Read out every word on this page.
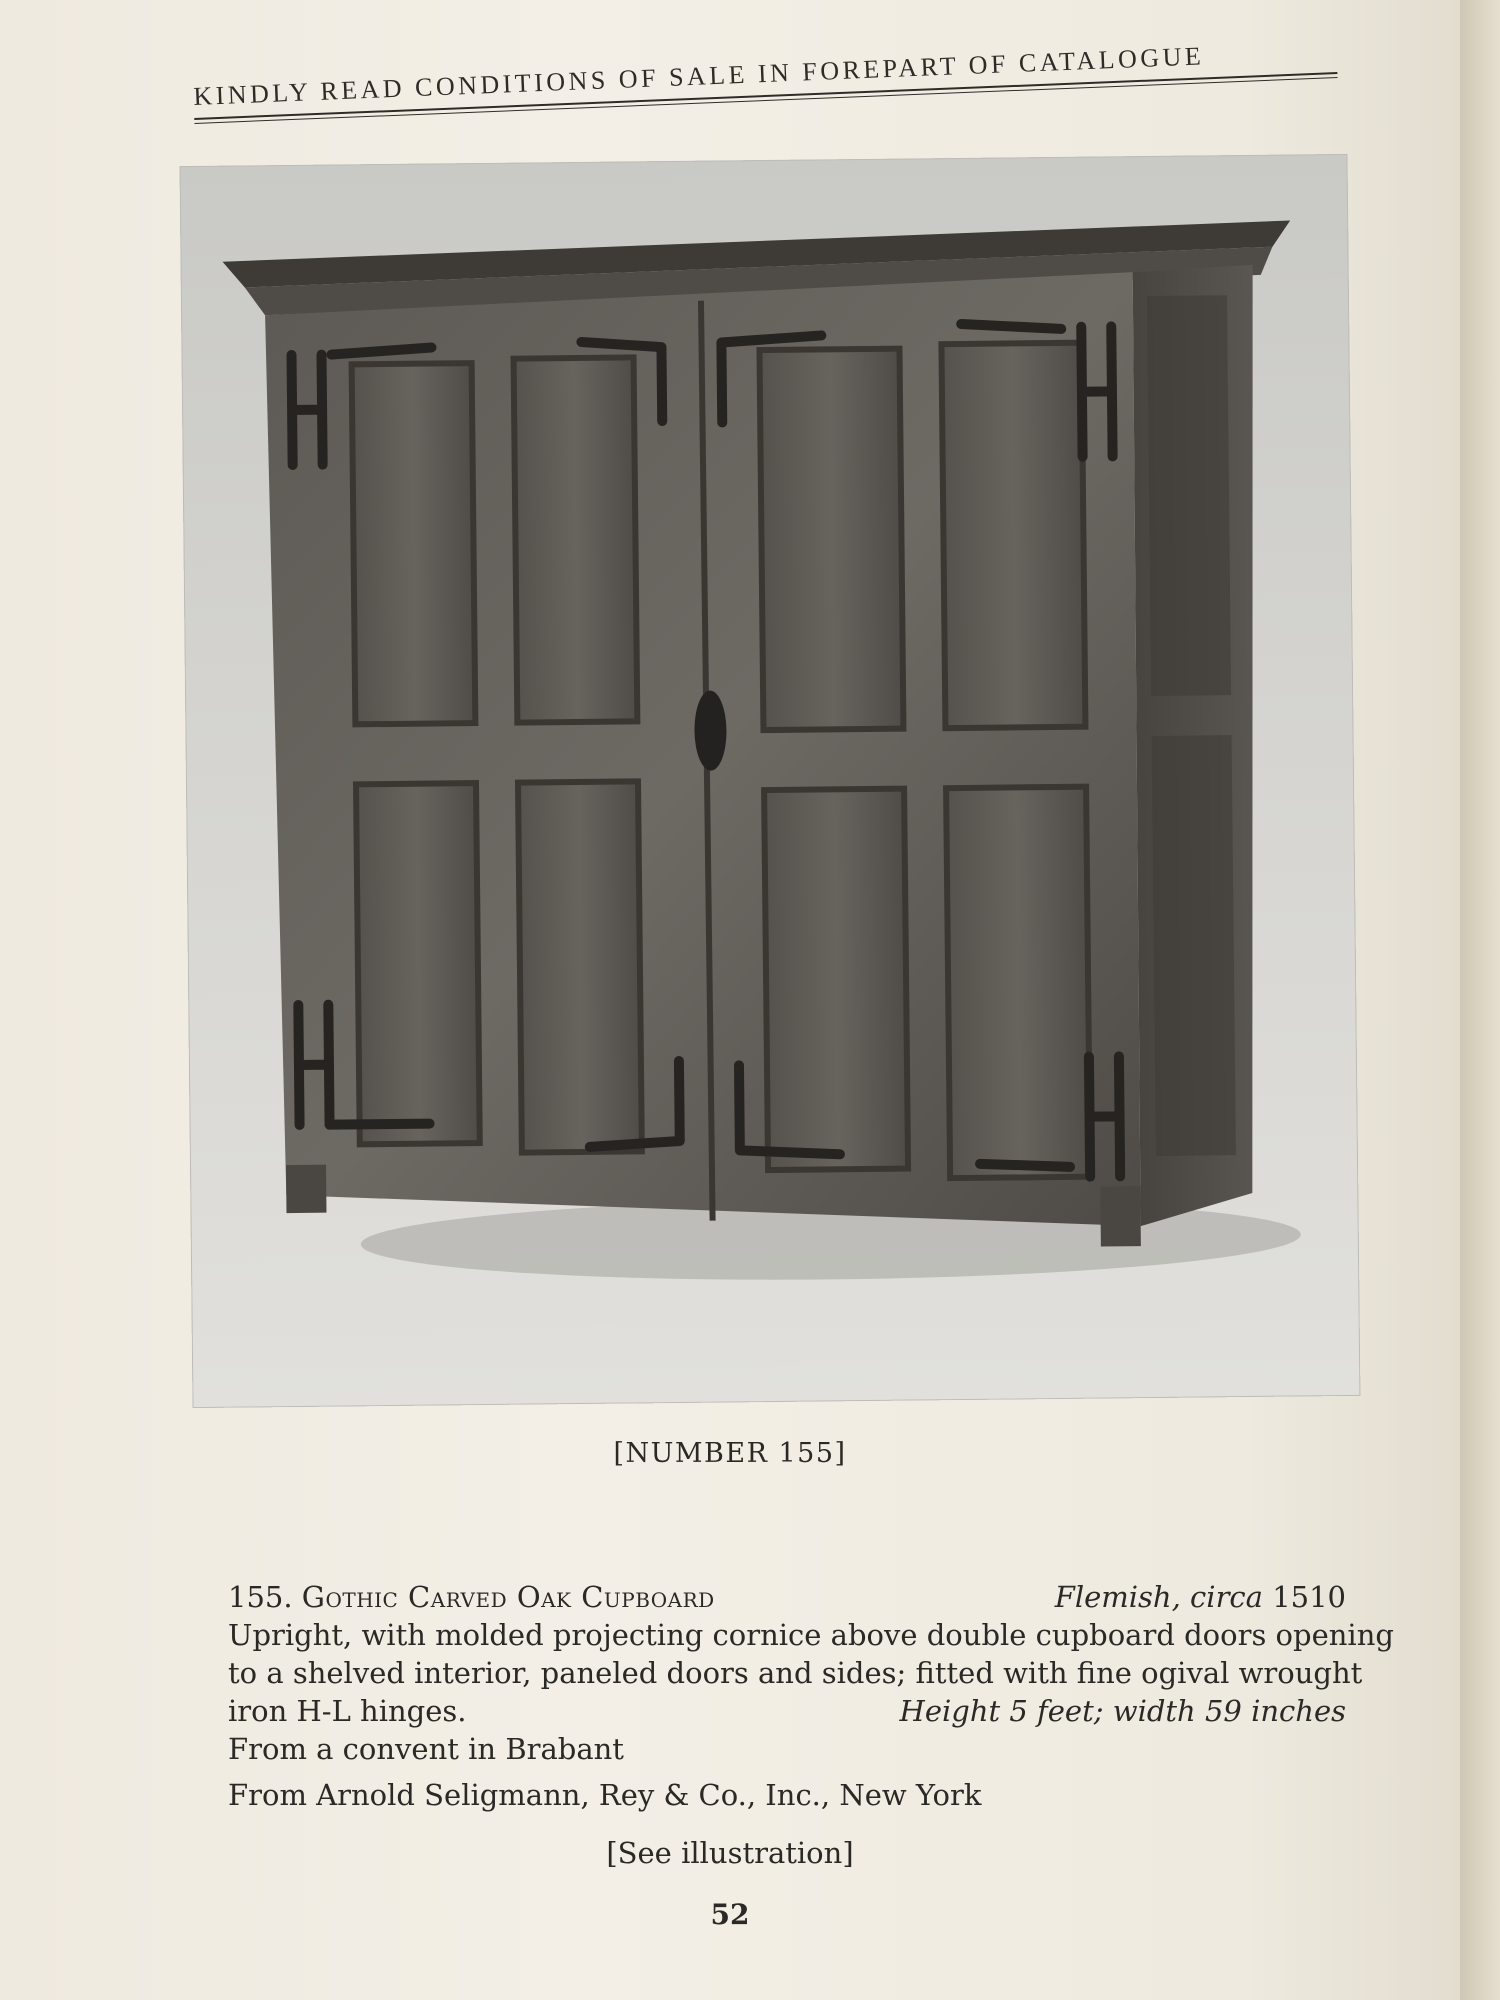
KINDLY READ CONDITIONS OF SALE IN FOREPART OF CATALOGUE
[NUMBER 155]
155. Gothic Carved Oak Cupboard	Flemish, circa 1510
Upright, with molded projecting cornice above double cupboard doors opening
to a shelved interior, paneled doors and sides; fitted with fine ogival wrought
iron H-L hinges.	Height 5 feet; width 59 inches
From a convent in Brabant
From Arnold Seligmann, Rey & Co., Inc., New York
[See illustration]
52
